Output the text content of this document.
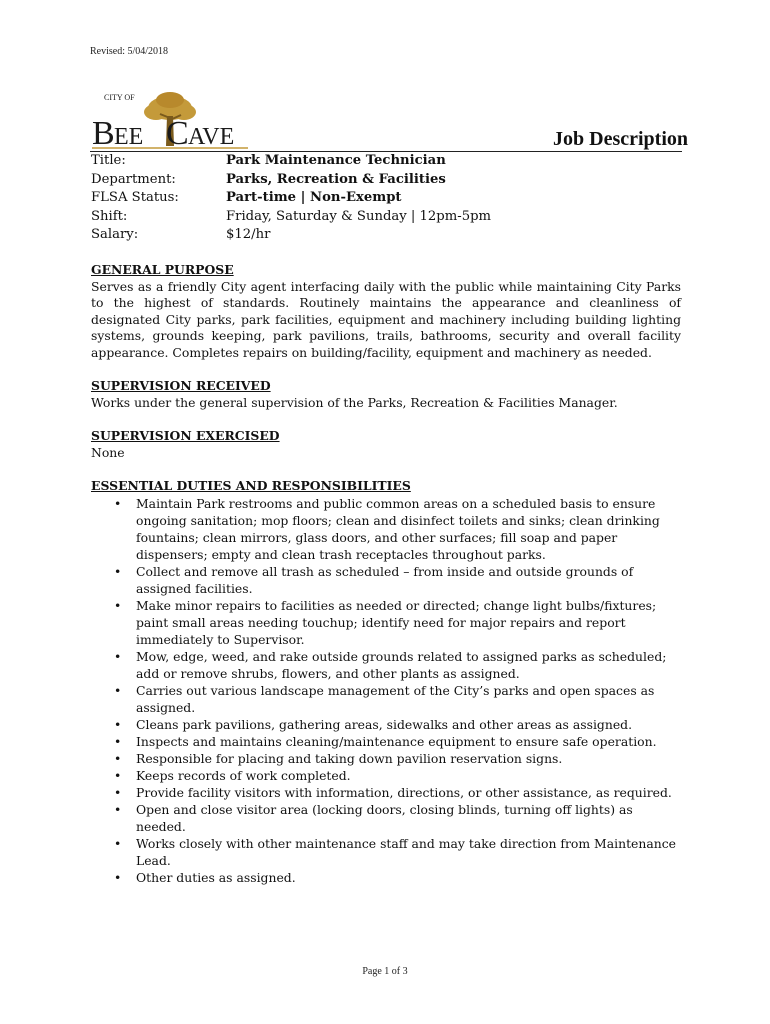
Revised: 5/04/2018
CITY OF
B EE C AVE	Job Description
Title:	Park Maintenance Technician
Department:	Parks, Recreation & Facilities
FLSA Status:	Part-time | Non-Exempt
Shift:	Friday, Saturday & Sunday | 12pm-5pm
Salary:	$12/hr
GENERAL PURPOSE
Serves as a friendly City agent interfacing daily with the public while maintaining City Parks to the highest of standards. Routinely maintains the appearance and cleanliness of designated City parks, park facilities, equipment and machinery including building lighting systems, grounds keeping, park pavilions, trails, bathrooms, security and overall facility appearance. Completes repairs on building/facility, equipment and machinery as needed.
SUPERVISION RECEIVED
Works under the general supervision of the Parks, Recreation & Facilities Manager.
SUPERVISION EXERCISED
None
ESSENTIAL DUTIES AND RESPONSIBILITIES
• Maintain Park restrooms and public common areas on a scheduled basis to ensure ongoing sanitation; mop floors; clean and disinfect toilets and sinks; clean drinking fountains; clean mirrors, glass doors, and other surfaces; fill soap and paper dispensers; empty and clean trash receptacles throughout parks.
• Collect and remove all trash as scheduled – from inside and outside grounds of assigned facilities.
• Make minor repairs to facilities as needed or directed; change light bulbs/fixtures; paint small areas needing touchup; identify need for major repairs and report immediately to Supervisor.
• Mow, edge, weed, and rake outside grounds related to assigned parks as scheduled; add or remove shrubs, flowers, and other plants as assigned.
• Carries out various landscape management of the City’s parks and open spaces as assigned.
• Cleans park pavilions, gathering areas, sidewalks and other areas as assigned.
• Inspects and maintains cleaning/maintenance equipment to ensure safe operation.
• Responsible for placing and taking down pavilion reservation signs.
• Keeps records of work completed.
• Provide facility visitors with information, directions, or other assistance, as required.
• Open and close visitor area (locking doors, closing blinds, turning off lights) as needed.
• Works closely with other maintenance staff and may take direction from Maintenance Lead.
• Other duties as assigned.
Page 1 of 3
